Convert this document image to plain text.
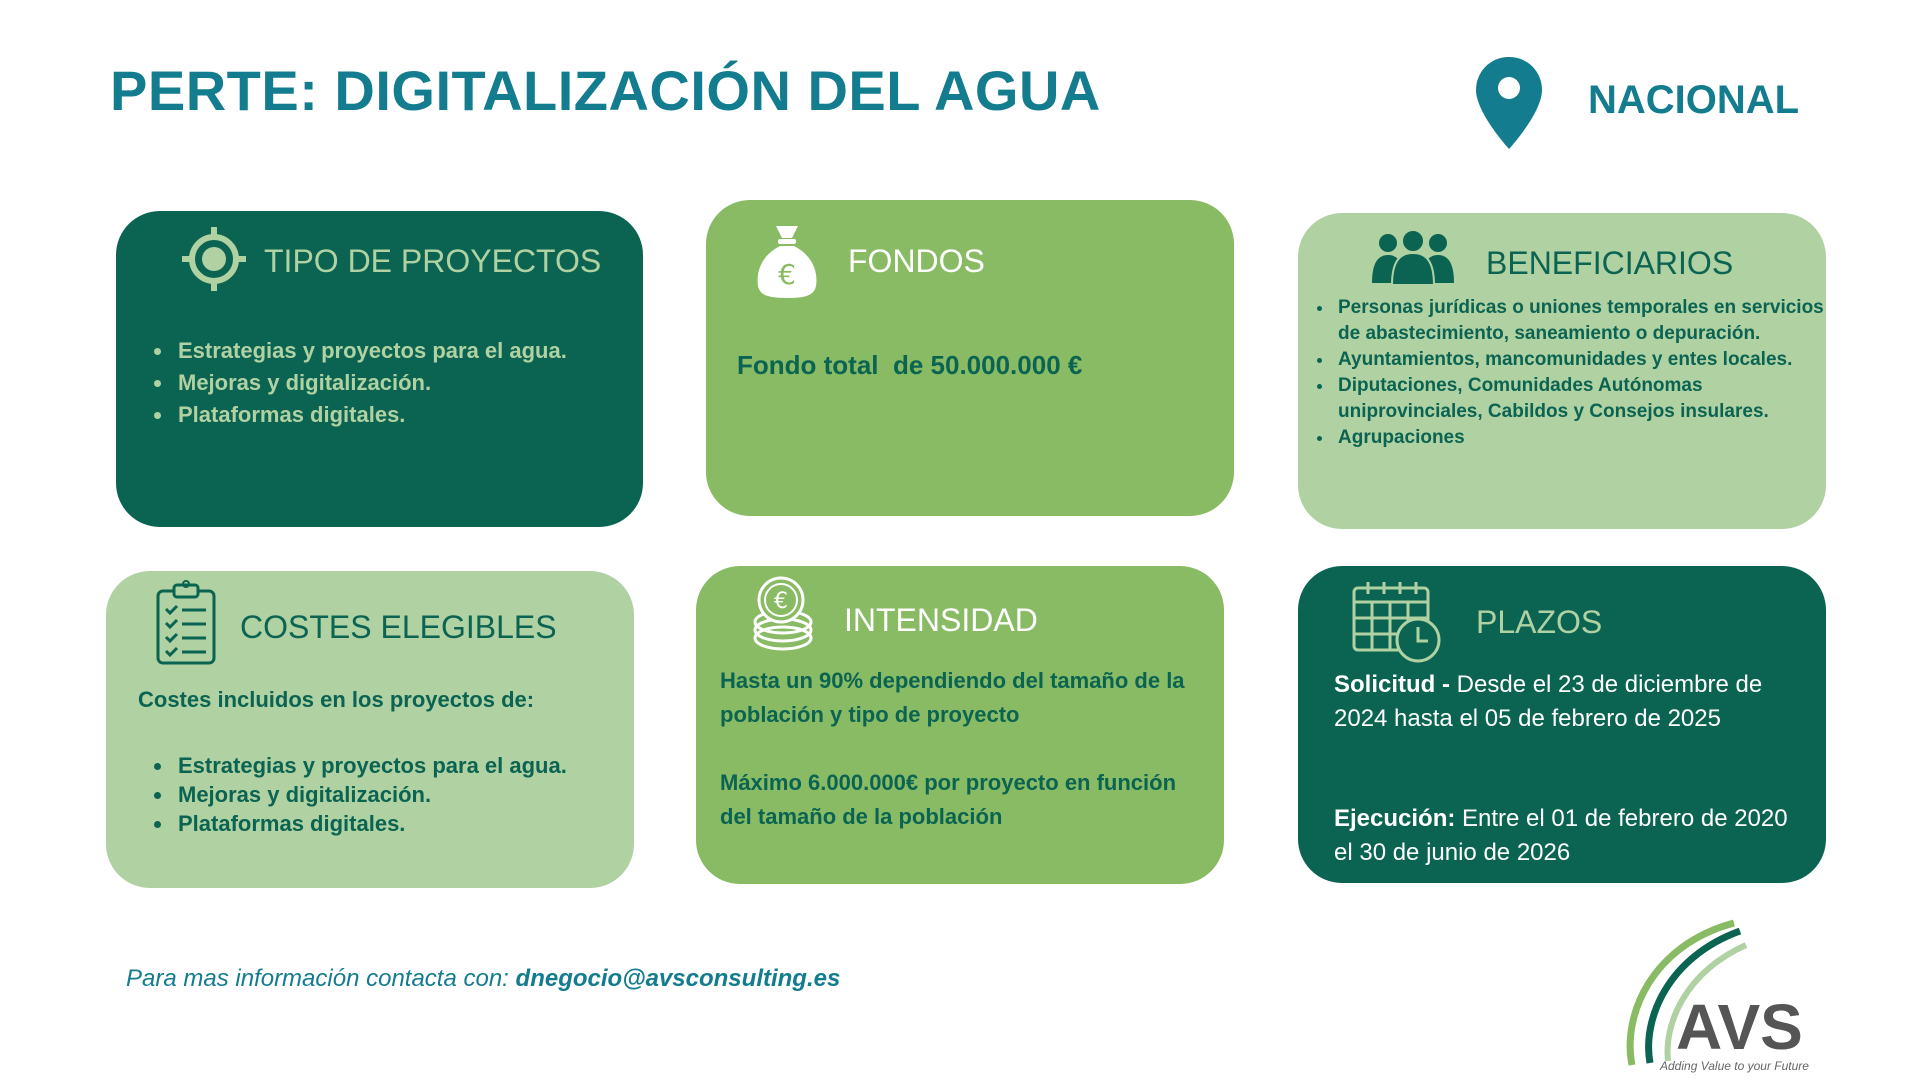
PERTE: DIGITALIZACIÓN DEL AGUA	NACIONAL
TIPO DE PROYECTOS
• Estrategias y proyectos para el agua.
• Mejoras y digitalización.
• Plataformas digitales.
€ FONDOS
Fondo total  de 50.000.000 €
BENEFICIARIOS
• Personas jurídicas o uniones temporales en servicios de abastecimiento, saneamiento o depuración.
• Ayuntamientos, mancomunidades y entes locales.
• Diputaciones, Comunidades Autónomas uniprovinciales, Cabildos y Consejos insulares.
• Agrupaciones
COSTES ELEGIBLES
Costes incluidos en los proyectos de:
• Estrategias y proyectos para el agua.
• Mejoras y digitalización.
• Plataformas digitales.
€
INTENSIDAD
Hasta un 90% dependiendo del tamaño de la población y tipo de proyecto
Máximo 6.000.000€ por proyecto en función del tamaño de la población
PLAZOS
Solicitud - Desde el 23 de diciembre de 2024 hasta el 05 de febrero de 2025
Ejecución: Entre el 01 de febrero de 2020 el 30 de junio de 2026
Para mas información contacta con: dnegocio@avsconsulting.es
AVS
Adding Value to your Future
